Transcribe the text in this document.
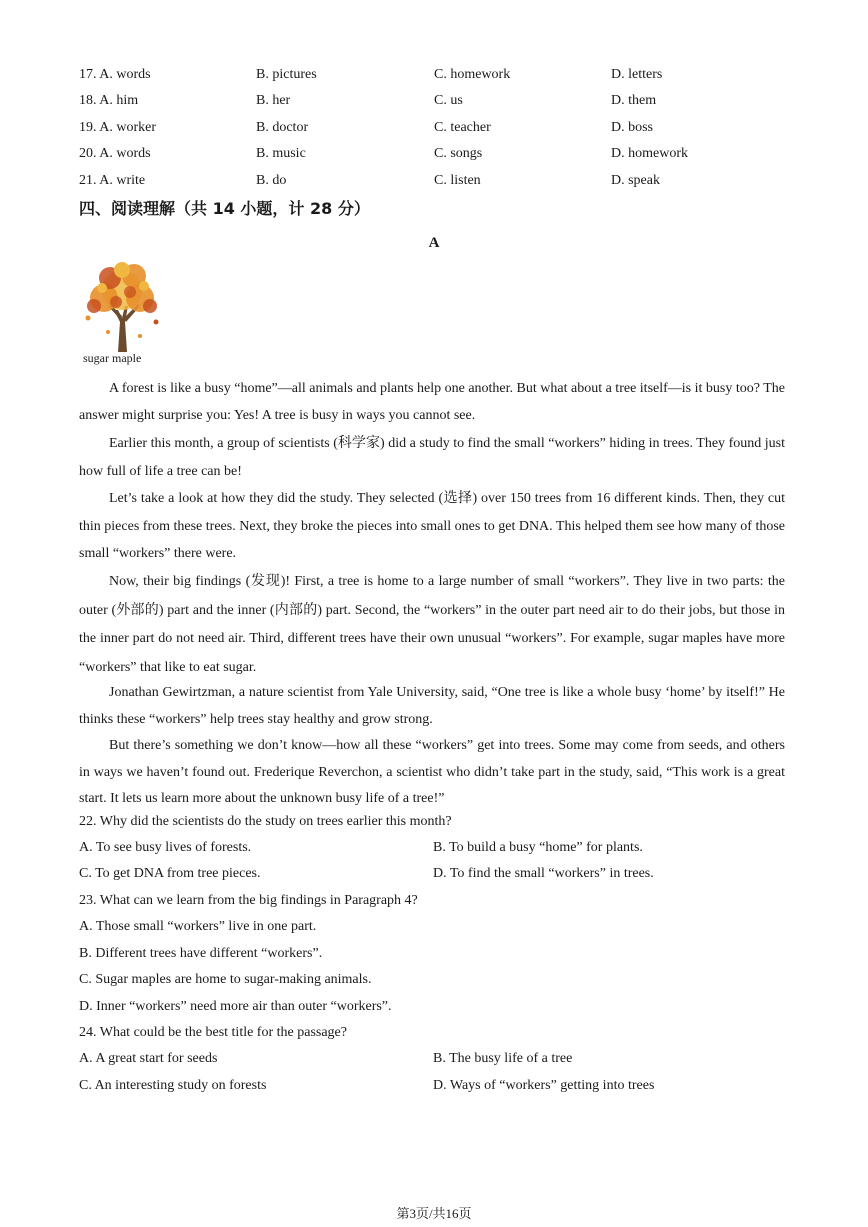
17. A. words	B. pictures	C. homework	D. letters
18. A. him	B. her	C. us	D. them
19. A. worker	B. doctor	C. teacher	D. boss
20. A. words	B. music	C. songs	D. homework
21. A. write	B. do	C. listen	D. speak
四、阅读理解（共 14 小题，计 28 分）
A
sugar maple

A forest is like a busy “home”—all animals and plants help one another. But what about a tree itself—is it busy too? The answer might surprise you: Yes! A tree is busy in ways you cannot see.

Earlier this month, a group of scientists (科学家) did a study to find the small “workers” hiding in trees. They found just how full of life a tree can be!

Let’s take a look at how they did the study. They selected (选择) over 150 trees from 16 different kinds. Then, they cut thin pieces from these trees. Next, they broke the pieces into small ones to get DNA. This helped them see how many of those small “workers” there were.

Now, their big findings (发现)! First, a tree is home to a large number of small “workers”. They live in two parts: the outer (外部的) part and the inner (内部的) part. Second, the “workers” in the outer part need air to do their jobs, but those in the inner part do not need air. Third, different trees have their own unusual “workers”. For example, sugar maples have more “workers” that like to eat sugar.

Jonathan Gewirtzman, a nature scientist from Yale University, said, “One tree is like a whole busy ‘home’ by itself!” He thinks these “workers” help trees stay healthy and grow strong.

But there’s something we don’t know—how all these “workers” get into trees. Some may come from seeds, and others in ways we haven’t found out. Frederique Reverchon, a scientist who didn’t take part in the study, said, “This work is a great start. It lets us learn more about the unknown busy life of a tree!”

22. Why did the scientists do the study on trees earlier this month?
A. To see busy lives of forests.	B. To build a busy “home” for plants.
C. To get DNA from tree pieces.	D. To find the small “workers” in trees.
23. What can we learn from the big findings in Paragraph 4?
A. Those small “workers” live in one part.
B. Different trees have different “workers”.
C. Sugar maples are home to sugar-making animals.
D. Inner “workers” need more air than outer “workers”.
24. What could be the best title for the passage?
A. A great start for seeds	B. The busy life of a tree
C. An interesting study on forests	D. Ways of “workers” getting into trees
第3页/共16页
